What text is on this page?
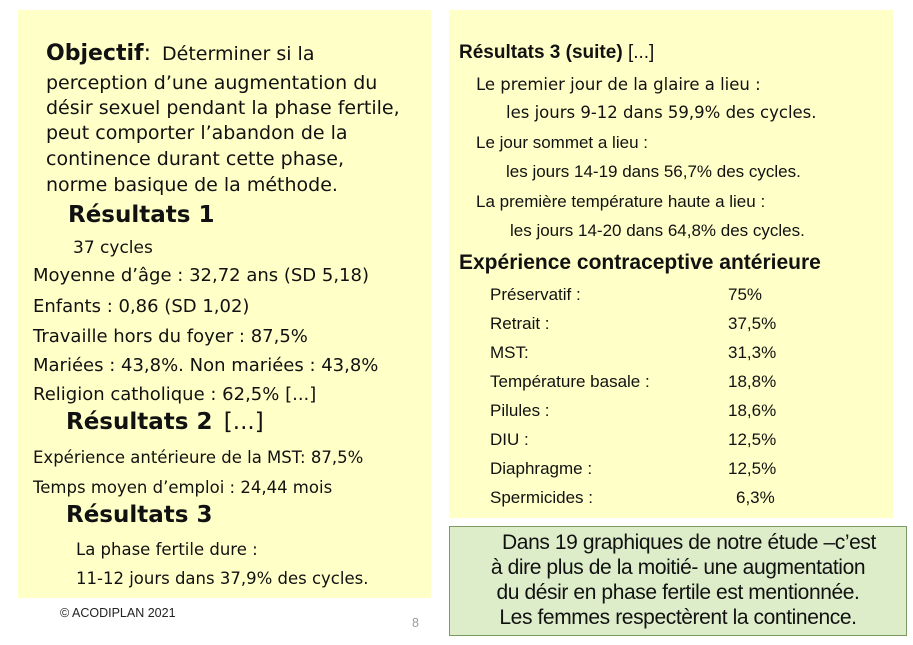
Objectif: Déterminer si la
perception d’une augmentation du
désir sexuel pendant la phase fertile,
peut comporter l’abandon de la
continence durant cette phase,
norme basique de la méthode.
Résultats 1
37 cycles
Moyenne d’âge : 32,72 ans (SD 5,18)
Enfants : 0,86 (SD 1,02)
Travaille hors du foyer : 87,5%
Mariées : 43,8%. Non mariées : 43,8%
Religion catholique : 62,5% [...]
Résultats 2 [...]
Expérience antérieure de la MST: 87,5%
Temps moyen d’emploi : 24,44 mois
Résultats 3
La phase fertile dure :
11-12 jours dans 37,9% des cycles.
© ACODIPLAN 2021
8
Résultats 3 (suite) [...]
Le premier jour de la glaire a lieu :
les jours 9-12 dans 59,9% des cycles.
Le jour sommet a lieu :
les jours 14-19 dans 56,7% des cycles.
La première température haute a lieu :
les jours 14-20 dans 64,8% des cycles.
Expérience contraceptive antérieure
Préservatif :	75%
Retrait :	37,5%
MST:	31,3%
Température basale :	18,8%
Pilules :	18,6%
DIU :	12,5%
Diaphragme :	12,5%
Spermicides :	6,3%
Dans 19 graphiques de notre étude –c’est
à dire plus de la moitié- une augmentation
du désir en phase fertile est mentionnée.
Les femmes respectèrent la continence.
